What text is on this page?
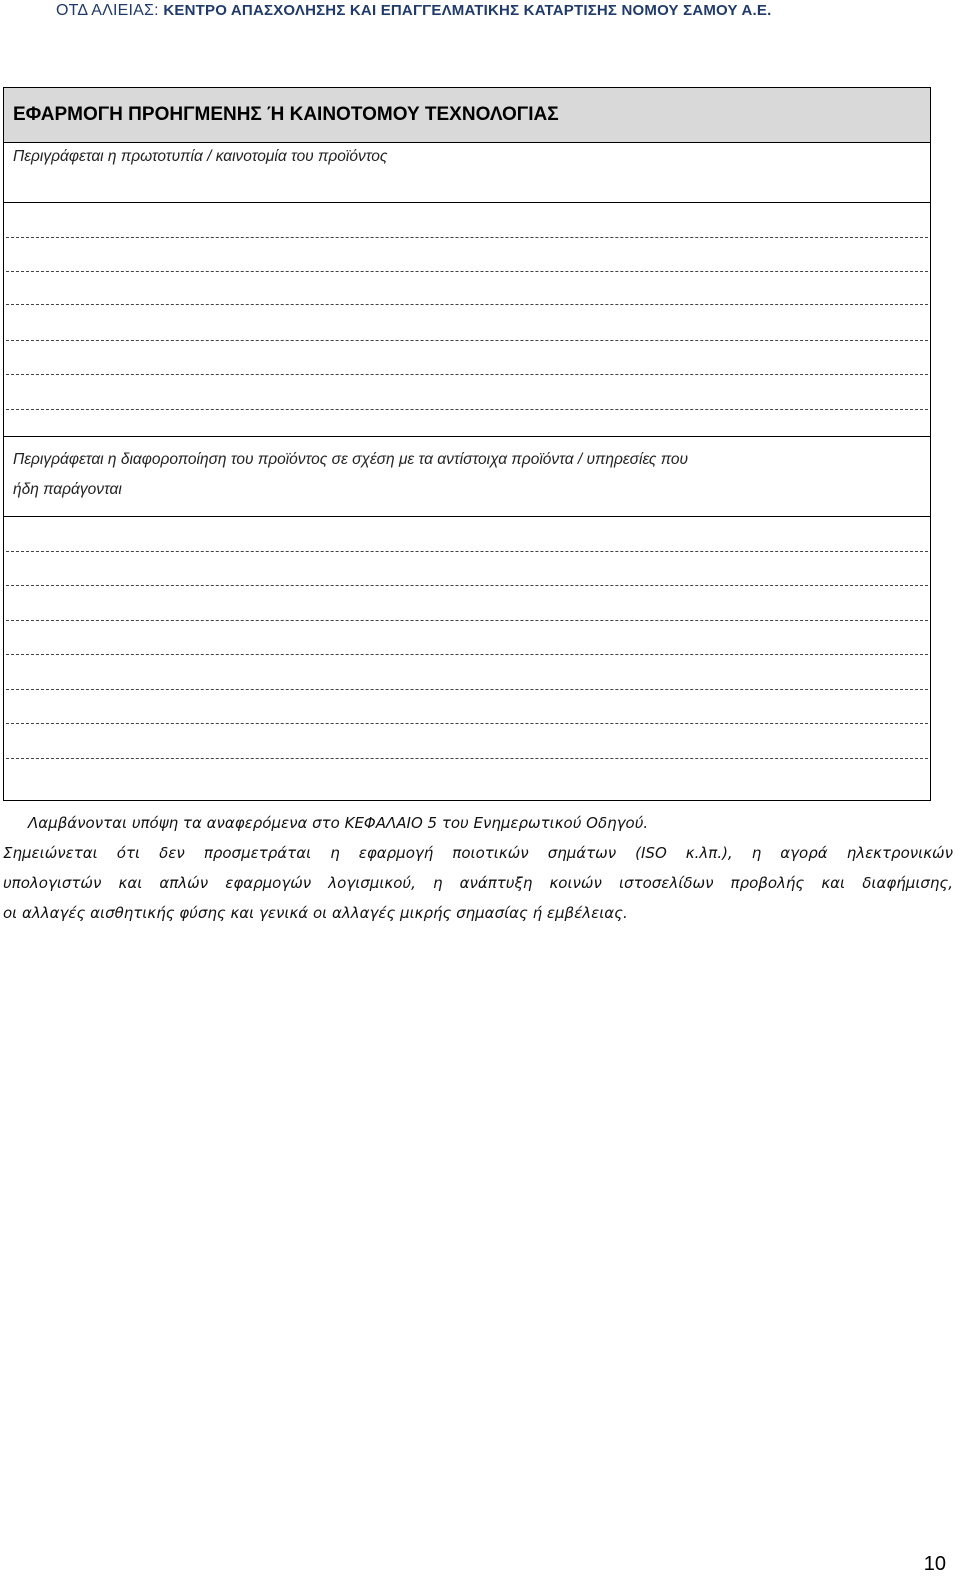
ΟΤΔ ΑΛΙΕΙΑΣ: ΚΕΝΤΡΟ ΑΠΑΣΧΟΛΗΣΗΣ ΚΑΙ ΕΠΑΓΓΕΛΜΑΤΙΚΗΣ ΚΑΤΑΡΤΙΣΗΣ ΝΟΜΟΥ ΣΑΜΟΥ Α.Ε.
ΕΦΑΡΜΟΓΗ ΠΡΟΗΓΜΕΝΗΣ Ή ΚΑΙΝΟΤΟΜΟΥ ΤΕΧΝΟΛΟΓΙΑΣ
Περιγράφεται η πρωτοτυπία / καινοτομία του προϊόντος
Περιγράφεται η διαφοροποίηση του προϊόντος σε σχέση με τα αντίστοιχα προϊόντα / υπηρεσίες που
ήδη παράγονται
Λαμβάνονται υπόψη τα αναφερόμενα στο ΚΕΦΑΛΑΙΟ 5 του Ενημερωτικού Οδηγού.
Σημειώνεται ότι δεν προσμετράται η εφαρμογή ποιοτικών σημάτων (ISO κ.λπ.), η αγορά ηλεκτρονικών
υπολογιστών και απλών εφαρμογών λογισμικού, η ανάπτυξη κοινών ιστοσελίδων προβολής και διαφήμισης,
οι αλλαγές αισθητικής φύσης και γενικά οι αλλαγές μικρής σημασίας ή εμβέλειας.
10
